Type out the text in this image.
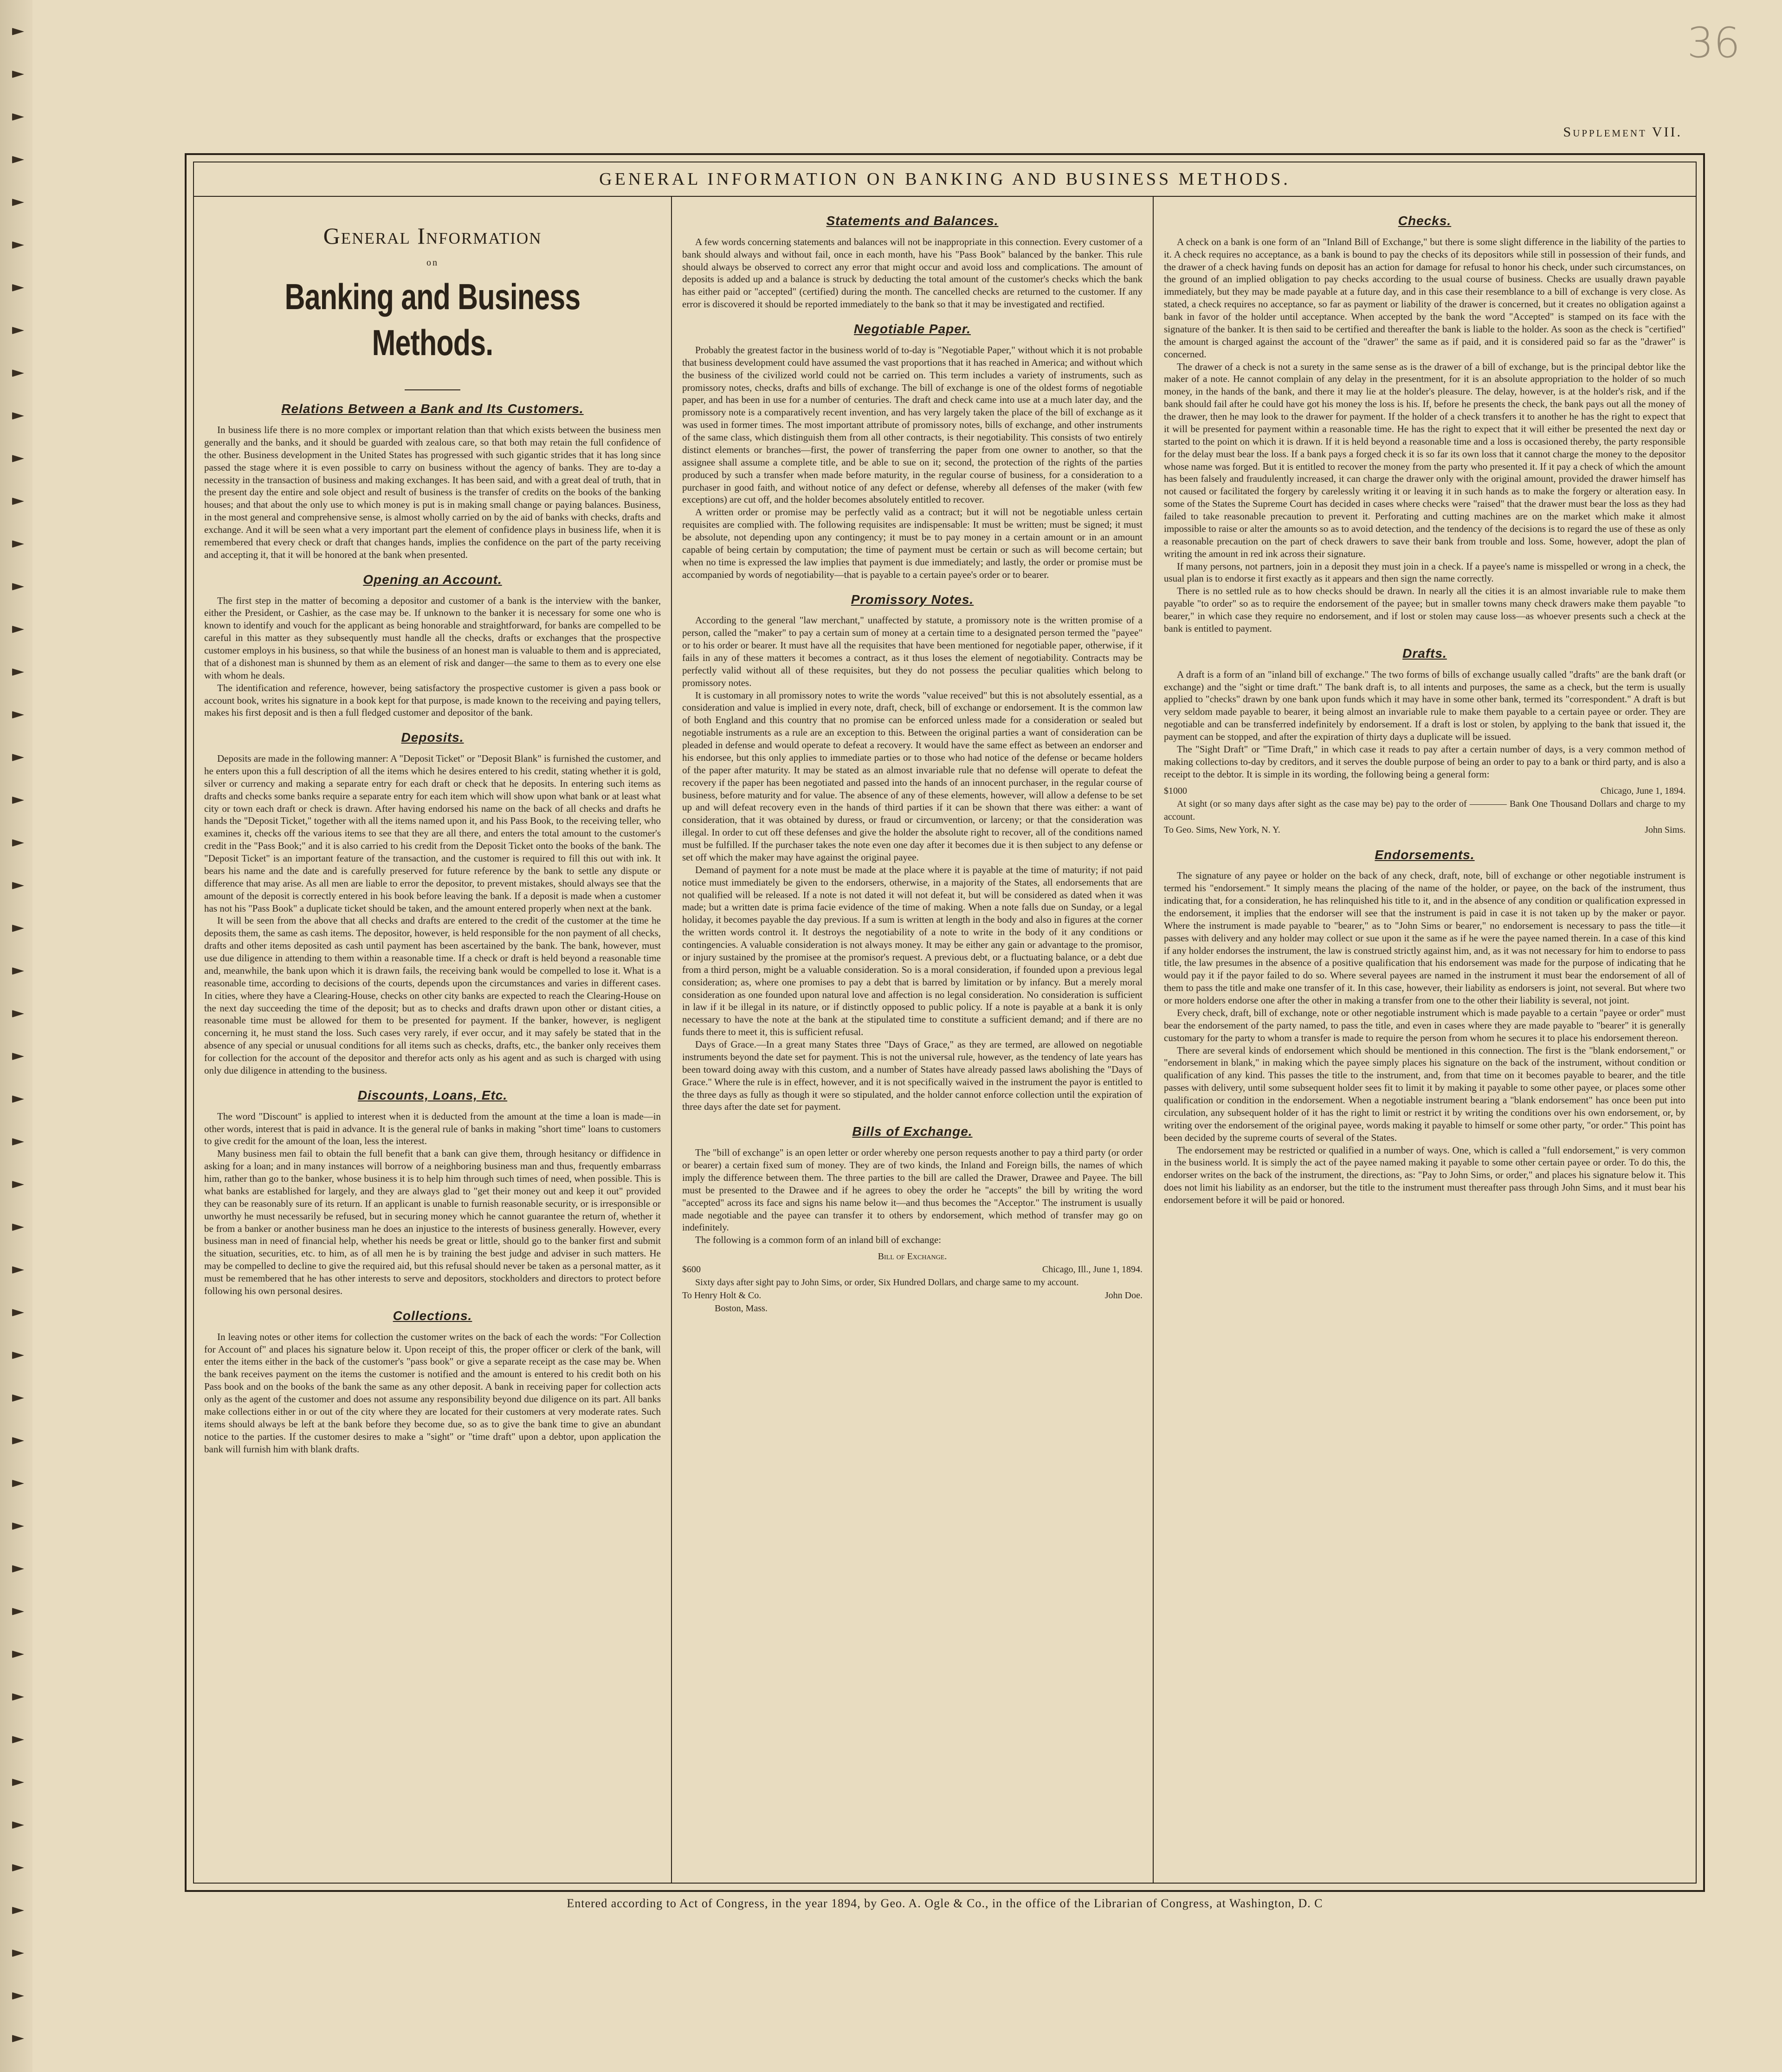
36
Supplement VII.
GENERAL INFORMATION ON BANKING AND BUSINESS METHODS.
General Information
on
Banking and Business Methods.
Relations Between a Bank and Its Customers.

In business life there is no more complex or important relation than that which exists between the business men generally and the banks, and it should be guarded with zealous care, so that both may retain the full confidence of the other. Business development in the United States has progressed with such gigantic strides that it has long since passed the stage where it is even possible to carry on business without the agency of banks. They are to-day a necessity in the transaction of business and making exchanges. It has been said, and with a great deal of truth, that in the present day the entire and sole object and result of business is the transfer of credits on the books of the banking houses; and that about the only use to which money is put is in making small change or paying balances. Business, in the most general and comprehensive sense, is almost wholly carried on by the aid of banks with checks, drafts and exchange. And it will be seen what a very important part the element of confidence plays in business life, when it is remembered that every check or draft that changes hands, implies the confidence on the part of the party receiving and accepting it, that it will be honored at the bank when presented.

Opening an Account.

The first step in the matter of becoming a depositor and customer of a bank is the interview with the banker, either the President, or Cashier, as the case may be. If unknown to the banker it is necessary for some one who is known to identify and vouch for the applicant as being honorable and straightforward, for banks are compelled to be careful in this matter as they subsequently must handle all the checks, drafts or exchanges that the prospective customer employs in his business, so that while the business of an honest man is valuable to them and is appreciated, that of a dishonest man is shunned by them as an element of risk and danger—the same to them as to every one else with whom he deals.

The identification and reference, however, being satisfactory the prospective customer is given a pass book or account book, writes his signature in a book kept for that purpose, is made known to the receiving and paying tellers, makes his first deposit and is then a full fledged customer and depositor of the bank.

Deposits.

Deposits are made in the following manner: A "Deposit Ticket" or "Deposit Blank" is furnished the customer, and he enters upon this a full description of all the items which he desires entered to his credit, stating whether it is gold, silver or currency and making a separate entry for each draft or check that he deposits. In entering such items as drafts and checks some banks require a separate entry for each item which will show upon what bank or at least what city or town each draft or check is drawn. After having endorsed his name on the back of all checks and drafts he hands the "Deposit Ticket," together with all the items named upon it, and his Pass Book, to the receiving teller, who examines it, checks off the various items to see that they are all there, and enters the total amount to the customer's credit in the "Pass Book;" and it is also carried to his credit from the Deposit Ticket onto the books of the bank. The "Deposit Ticket" is an important feature of the transaction, and the customer is required to fill this out with ink. It bears his name and the date and is carefully preserved for future reference by the bank to settle any dispute or difference that may arise. As all men are liable to error the depositor, to prevent mistakes, should always see that the amount of the deposit is correctly entered in his book before leaving the bank. If a deposit is made when a customer has not his "Pass Book" a duplicate ticket should be taken, and the amount entered properly when next at the bank.

It will be seen from the above that all checks and drafts are entered to the credit of the customer at the time he deposits them, the same as cash items. The depositor, however, is held responsible for the non payment of all checks, drafts and other items deposited as cash until payment has been ascertained by the bank. The bank, however, must use due diligence in attending to them within a reasonable time. If a check or draft is held beyond a reasonable time and, meanwhile, the bank upon which it is drawn fails, the receiving bank would be compelled to lose it. What is a reasonable time, according to decisions of the courts, depends upon the circumstances and varies in different cases. In cities, where they have a Clearing-House, checks on other city banks are expected to reach the Clearing-House on the next day succeeding the time of the deposit; but as to checks and drafts drawn upon other or distant cities, a reasonable time must be allowed for them to be presented for payment. If the banker, however, is negligent concerning it, he must stand the loss. Such cases very rarely, if ever occur, and it may safely be stated that in the absence of any special or unusual conditions for all items such as checks, drafts, etc., the banker only receives them for collection for the account of the depositor and therefor acts only as his agent and as such is charged with using only due diligence in attending to the business.

Discounts, Loans, Etc.

The word "Discount" is applied to interest when it is deducted from the amount at the time a loan is made—in other words, interest that is paid in advance. It is the general rule of banks in making "short time" loans to customers to give credit for the amount of the loan, less the interest.

Many business men fail to obtain the full benefit that a bank can give them, through hesitancy or diffidence in asking for a loan; and in many instances will borrow of a neighboring business man and thus, frequently embarrass him, rather than go to the banker, whose business it is to help him through such times of need, when possible. This is what banks are established for largely, and they are always glad to "get their money out and keep it out" provided they can be reasonably sure of its return. If an applicant is unable to furnish reasonable security, or is irresponsible or unworthy he must necessarily be refused, but in securing money which he cannot guarantee the return of, whether it be from a banker or another business man he does an injustice to the interests of business generally. However, every business man in need of financial help, whether his needs be great or little, should go to the banker first and submit the situation, securities, etc. to him, as of all men he is by training the best judge and adviser in such matters. He may be compelled to decline to give the required aid, but this refusal should never be taken as a personal matter, as it must be remembered that he has other interests to serve and depositors, stockholders and directors to protect before following his own personal desires.

Collections.

In leaving notes or other items for collection the customer writes on the back of each the words: "For Collection for Account of" and places his signature below it. Upon receipt of this, the proper officer or clerk of the bank, will enter the items either in the back of the customer's "pass book" or give a separate receipt as the case may be. When the bank receives payment on the items the customer is notified and the amount is entered to his credit both on his Pass book and on the books of the bank the same as any other deposit. A bank in receiving paper for collection acts only as the agent of the customer and does not assume any responsibility beyond due diligence on its part. All banks make collections either in or out of the city where they are located for their customers at very moderate rates. Such items should always be left at the bank before they become due, so as to give the bank time to give an abundant notice to the parties. If the customer desires to make a "sight" or "time draft" upon a debtor, upon application the bank will furnish him with blank drafts.

Statements and Balances.

A few words concerning statements and balances will not be inappropriate in this connection. Every customer of a bank should always and without fail, once in each month, have his "Pass Book" balanced by the banker. This rule should always be observed to correct any error that might occur and avoid loss and complications. The amount of deposits is added up and a balance is struck by deducting the total amount of the customer's checks which the bank has either paid or "accepted" (certified) during the month. The cancelled checks are returned to the customer. If any error is discovered it should be reported immediately to the bank so that it may be investigated and rectified.

Negotiable Paper.

Probably the greatest factor in the business world of to-day is "Negotiable Paper," without which it is not probable that business development could have assumed the vast proportions that it has reached in America; and without which the business of the civilized world could not be carried on. This term includes a variety of instruments, such as promissory notes, checks, drafts and bills of exchange. The bill of exchange is one of the oldest forms of negotiable paper, and has been in use for a number of centuries. The draft and check came into use at a much later day, and the promissory note is a comparatively recent invention, and has very largely taken the place of the bill of exchange as it was used in former times. The most important attribute of promissory notes, bills of exchange, and other instruments of the same class, which distinguish them from all other contracts, is their negotiability. This consists of two entirely distinct elements or branches—first, the power of transferring the paper from one owner to another, so that the assignee shall assume a complete title, and be able to sue on it; second, the protection of the rights of the parties produced by such a transfer when made before maturity, in the regular course of business, for a consideration to a purchaser in good faith, and without notice of any defect or defense, whereby all defenses of the maker (with few exceptions) are cut off, and the holder becomes absolutely entitled to recover.

A written order or promise may be perfectly valid as a contract; but it will not be negotiable unless certain requisites are complied with. The following requisites are indispensable: It must be written; must be signed; it must be absolute, not depending upon any contingency; it must be to pay money in a certain amount or in an amount capable of being certain by computation; the time of payment must be certain or such as will become certain; but when no time is expressed the law implies that payment is due immediately; and lastly, the order or promise must be accompanied by words of negotiability—that is payable to a certain payee's order or to bearer.

Promissory Notes.

According to the general "law merchant," unaffected by statute, a promissory note is the written promise of a person, called the "maker" to pay a certain sum of money at a certain time to a designated person termed the "payee" or to his order or bearer. It must have all the requisites that have been mentioned for negotiable paper, otherwise, if it fails in any of these matters it becomes a contract, as it thus loses the element of negotiability. Contracts may be perfectly valid without all of these requisites, but they do not possess the peculiar qualities which belong to promissory notes.

It is customary in all promissory notes to write the words "value received" but this is not absolutely essential, as a consideration and value is implied in every note, draft, check, bill of exchange or endorsement. It is the common law of both England and this country that no promise can be enforced unless made for a consideration or sealed but negotiable instruments as a rule are an exception to this. Between the original parties a want of consideration can be pleaded in defense and would operate to defeat a recovery. It would have the same effect as between an endorser and his endorsee, but this only applies to immediate parties or to those who had notice of the defense or became holders of the paper after maturity. It may be stated as an almost invariable rule that no defense will operate to defeat the recovery if the paper has been negotiated and passed into the hands of an innocent purchaser, in the regular course of business, before maturity and for value. The absence of any of these elements, however, will allow a defense to be set up and will defeat recovery even in the hands of third parties if it can be shown that there was either: a want of consideration, that it was obtained by duress, or fraud or circumvention, or larceny; or that the consideration was illegal. In order to cut off these defenses and give the holder the absolute right to recover, all of the conditions named must be fulfilled. If the purchaser takes the note even one day after it becomes due it is then subject to any defense or set off which the maker may have against the original payee.

Demand of payment for a note must be made at the place where it is payable at the time of maturity; if not paid notice must immediately be given to the endorsers, otherwise, in a majority of the States, all endorsements that are not qualified will be released. If a note is not dated it will not defeat it, but will be considered as dated when it was made; but a written date is prima facie evidence of the time of making. When a note falls due on Sunday, or a legal holiday, it becomes payable the day previous. If a sum is written at length in the body and also in figures at the corner the written words control it. It destroys the negotiability of a note to write in the body of it any conditions or contingencies. A valuable consideration is not always money. It may be either any gain or advantage to the promisor, or injury sustained by the promisee at the promisor's request. A previous debt, or a fluctuating balance, or a debt due from a third person, might be a valuable consideration. So is a moral consideration, if founded upon a previous legal consideration; as, where one promises to pay a debt that is barred by limitation or by infancy. But a merely moral consideration as one founded upon natural love and affection is no legal consideration. No consideration is sufficient in law if it be illegal in its nature, or if distinctly opposed to public policy. If a note is payable at a bank it is only necessary to have the note at the bank at the stipulated time to constitute a sufficient demand; and if there are no funds there to meet it, this is sufficient refusal.

Days of Grace.—In a great many States three "Days of Grace," as they are termed, are allowed on negotiable instruments beyond the date set for payment. This is not the universal rule, however, as the tendency of late years has been toward doing away with this custom, and a number of States have already passed laws abolishing the "Days of Grace." Where the rule is in effect, however, and it is not specifically waived in the instrument the payor is entitled to the three days as fully as though it were so stipulated, and the holder cannot enforce collection until the expiration of three days after the date set for payment.

Bills of Exchange.

The "bill of exchange" is an open letter or order whereby one person requests another to pay a third party (or order or bearer) a certain fixed sum of money. They are of two kinds, the Inland and Foreign bills, the names of which imply the difference between them. The three parties to the bill are called the Drawer, Drawee and Payee. The bill must be presented to the Drawee and if he agrees to obey the order he "accepts" the bill by writing the word "accepted" across its face and signs his name below it—and thus becomes the "Acceptor." The instrument is usually made negotiable and the payee can transfer it to others by endorsement, which method of transfer may go on indefinitely.

The following is a common form of an inland bill of exchange:

Bill of Exchange.
$600	Chicago, Ill., June 1, 1894.

Sixty days after sight pay to John Sims, or order, Six Hundred Dollars, and charge same to my account.

To Henry Holt & Co.	John Doe.
Boston, Mass.
Checks.

A check on a bank is one form of an "Inland Bill of Exchange," but there is some slight difference in the liability of the parties to it. A check requires no acceptance, as a bank is bound to pay the checks of its depositors while still in possession of their funds, and the drawer of a check having funds on deposit has an action for damage for refusal to honor his check, under such circumstances, on the ground of an implied obligation to pay checks according to the usual course of business. Checks are usually drawn payable immediately, but they may be made payable at a future day, and in this case their resemblance to a bill of exchange is very close. As stated, a check requires no acceptance, so far as payment or liability of the drawer is concerned, but it creates no obligation against a bank in favor of the holder until acceptance. When accepted by the bank the word "Accepted" is stamped on its face with the signature of the banker. It is then said to be certified and thereafter the bank is liable to the holder. As soon as the check is "certified" the amount is charged against the account of the "drawer" the same as if paid, and it is considered paid so far as the "drawer" is concerned.

The drawer of a check is not a surety in the same sense as is the drawer of a bill of exchange, but is the principal debtor like the maker of a note. He cannot complain of any delay in the presentment, for it is an absolute appropriation to the holder of so much money, in the hands of the bank, and there it may lie at the holder's pleasure. The delay, however, is at the holder's risk, and if the bank should fail after he could have got his money the loss is his. If, before he presents the check, the bank pays out all the money of the drawer, then he may look to the drawer for payment. If the holder of a check transfers it to another he has the right to expect that it will be presented for payment within a reasonable time. He has the right to expect that it will either be presented the next day or started to the point on which it is drawn. If it is held beyond a reasonable time and a loss is occasioned thereby, the party responsible for the delay must bear the loss. If a bank pays a forged check it is so far its own loss that it cannot charge the money to the depositor whose name was forged. But it is entitled to recover the money from the party who presented it. If it pay a check of which the amount has been falsely and fraudulently increased, it can charge the drawer only with the original amount, provided the drawer himself has not caused or facilitated the forgery by carelessly writing it or leaving it in such hands as to make the forgery or alteration easy. In some of the States the Supreme Court has decided in cases where checks were "raised" that the drawer must bear the loss as they had failed to take reasonable precaution to prevent it. Perforating and cutting machines are on the market which make it almost impossible to raise or alter the amounts so as to avoid detection, and the tendency of the decisions is to regard the use of these as only a reasonable precaution on the part of check drawers to save their bank from trouble and loss. Some, however, adopt the plan of writing the amount in red ink across their signature.

If many persons, not partners, join in a deposit they must join in a check. If a payee's name is misspelled or wrong in a check, the usual plan is to endorse it first exactly as it appears and then sign the name correctly.

There is no settled rule as to how checks should be drawn. In nearly all the cities it is an almost invariable rule to make them payable "to order" so as to require the endorsement of the payee; but in smaller towns many check drawers make them payable "to bearer," in which case they require no endorsement, and if lost or stolen may cause loss—as whoever presents such a check at the bank is entitled to payment.

Drafts.

A draft is a form of an "inland bill of exchange." The two forms of bills of exchange usually called "drafts" are the bank draft (or exchange) and the "sight or time draft." The bank draft is, to all intents and purposes, the same as a check, but the term is usually applied to "checks" drawn by one bank upon funds which it may have in some other bank, termed its "correspondent." A draft is but very seldom made payable to bearer, it being almost an invariable rule to make them payable to a certain payee or order. They are negotiable and can be transferred indefinitely by endorsement. If a draft is lost or stolen, by applying to the bank that issued it, the payment can be stopped, and after the expiration of thirty days a duplicate will be issued.

The "Sight Draft" or "Time Draft," in which case it reads to pay after a certain number of days, is a very common method of making collections to-day by creditors, and it serves the double purpose of being an order to pay to a bank or third party, and is also a receipt to the debtor. It is simple in its wording, the following being a general form:

$1000	Chicago, June 1, 1894.

At sight (or so many days after sight as the case may be) pay to the order of ———— Bank One Thousand Dollars and charge to my account.

To Geo. Sims, New York, N. Y.	John Sims.
Endorsements.

The signature of any payee or holder on the back of any check, draft, note, bill of exchange or other negotiable instrument is termed his "endorsement." It simply means the placing of the name of the holder, or payee, on the back of the instrument, thus indicating that, for a consideration, he has relinquished his title to it, and in the absence of any condition or qualification expressed in the endorsement, it implies that the endorser will see that the instrument is paid in case it is not taken up by the maker or payor. Where the instrument is made payable to "bearer," as to "John Sims or bearer," no endorsement is necessary to pass the title—it passes with delivery and any holder may collect or sue upon it the same as if he were the payee named therein. In a case of this kind if any holder endorses the instrument, the law is construed strictly against him, and, as it was not necessary for him to endorse to pass title, the law presumes in the absence of a positive qualification that his endorsement was made for the purpose of indicating that he would pay it if the payor failed to do so. Where several payees are named in the instrument it must bear the endorsement of all of them to pass the title and make one transfer of it. In this case, however, their liability as endorsers is joint, not several. But where two or more holders endorse one after the other in making a transfer from one to the other their liability is several, not joint.

Every check, draft, bill of exchange, note or other negotiable instrument which is made payable to a certain "payee or order" must bear the endorsement of the party named, to pass the title, and even in cases where they are made payable to "bearer" it is generally customary for the party to whom a transfer is made to require the person from whom he secures it to place his endorsement thereon.

There are several kinds of endorsement which should be mentioned in this connection. The first is the "blank endorsement," or "endorsement in blank," in making which the payee simply places his signature on the back of the instrument, without condition or qualification of any kind. This passes the title to the instrument, and, from that time on it becomes payable to bearer, and the title passes with delivery, until some subsequent holder sees fit to limit it by making it payable to some other payee, or places some other qualification or condition in the endorsement. When a negotiable instrument bearing a "blank endorsement" has once been put into circulation, any subsequent holder of it has the right to limit or restrict it by writing the conditions over his own endorsement, or, by writing over the endorsement of the original payee, words making it payable to himself or some other party, "or order." This point has been decided by the supreme courts of several of the States.

The endorsement may be restricted or qualified in a number of ways. One, which is called a "full endorsement," is very common in the business world. It is simply the act of the payee named making it payable to some other certain payee or order. To do this, the endorser writes on the back of the instrument, the directions, as: "Pay to John Sims, or order," and places his signature below it. This does not limit his liability as an endorser, but the title to the instrument must thereafter pass through John Sims, and it must bear his endorsement before it will be paid or honored.

Entered according to Act of Congress, in the year 1894, by Geo. A. Ogle & Co., in the office of the Librarian of Congress, at Washington, D. C
